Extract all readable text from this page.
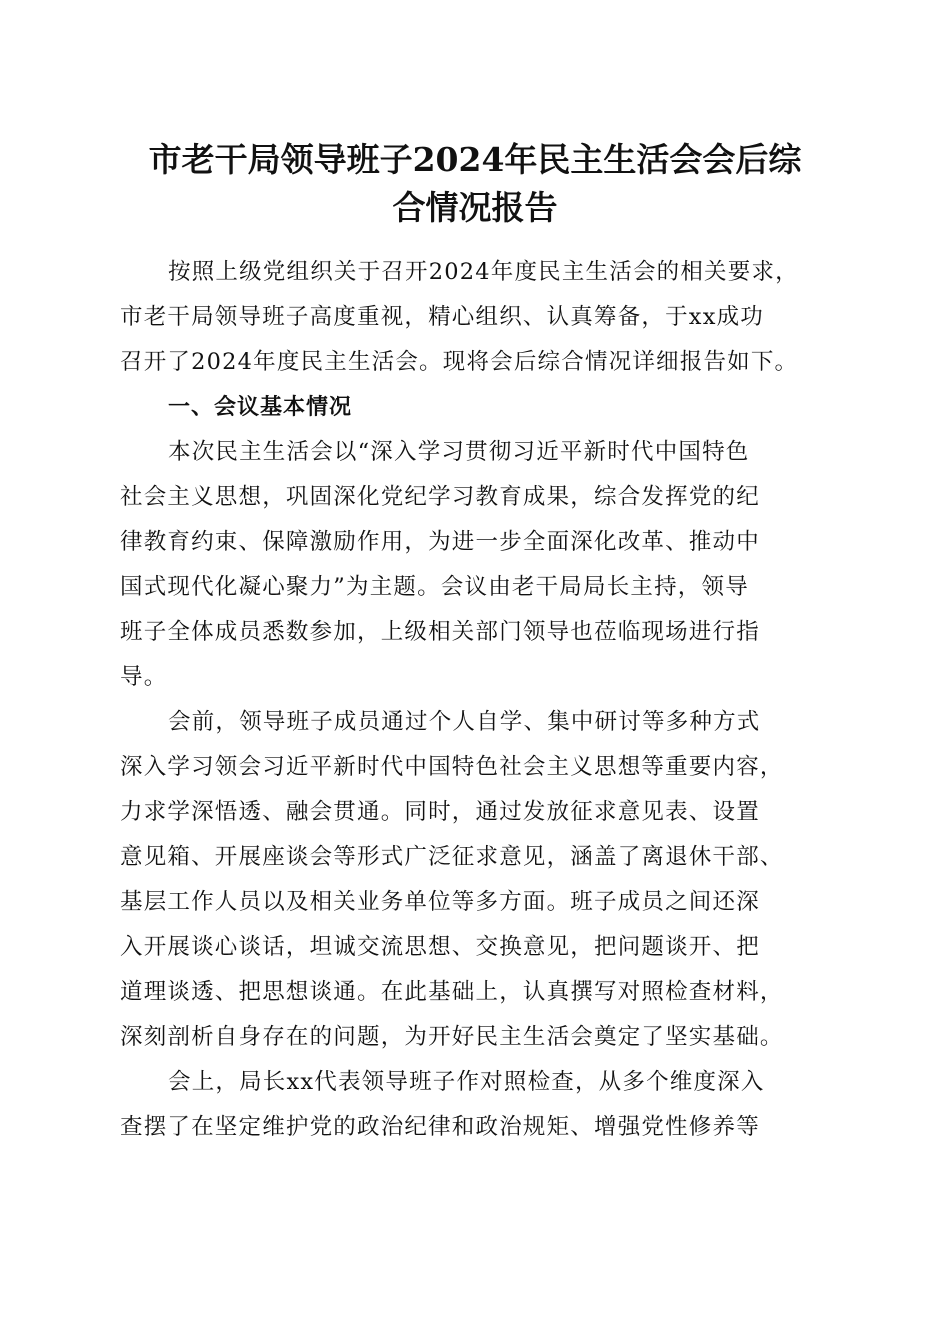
市老干局领导班子2024年民主生活会会后综
合情况报告

按照上级党组织关于召开2024年度民主生活会的相关要求，
市老干局领导班子高度重视，精心组织、认真筹备，于xx成功
召开了2024年度民主生活会。现将会后综合情况详细报告如下。

一、会议基本情况

本次民主生活会以“深入学习贯彻习近平新时代中国特色
社会主义思想，巩固深化党纪学习教育成果，综合发挥党的纪
律教育约束、保障激励作用，为进一步全面深化改革、推动中
国式现代化凝心聚力”为主题。会议由老干局局长主持，领导
班子全体成员悉数参加，上级相关部门领导也莅临现场进行指
导。

会前，领导班子成员通过个人自学、集中研讨等多种方式
深入学习领会习近平新时代中国特色社会主义思想等重要内容，
力求学深悟透、融会贯通。同时，通过发放征求意见表、设置
意见箱、开展座谈会等形式广泛征求意见，涵盖了离退休干部、
基层工作人员以及相关业务单位等多方面。班子成员之间还深
入开展谈心谈话，坦诚交流思想、交换意见，把问题谈开、把
道理谈透、把思想谈通。在此基础上，认真撰写对照检查材料，
深刻剖析自身存在的问题，为开好民主生活会奠定了坚实基础。

会上，局长xx代表领导班子作对照检查，从多个维度深入
查摆了在坚定维护党的政治纪律和政治规矩、增强党性修养等
